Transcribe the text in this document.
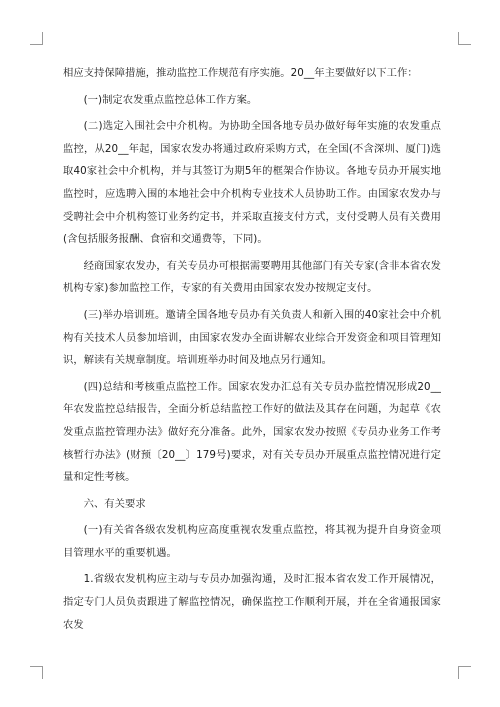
相应支持保障措施，推动监控工作规范有序实施。20__年主要做好以下工作：

(一)制定农发重点监控总体工作方案。

(二)选定入围社会中介机构。为协助全国各地专员办做好每年实施的农发重点监控，从20__年起，国家农发办将通过政府采购方式，在全国(不含深圳、厦门)选取40家社会中介机构，并与其签订为期5年的框架合作协议。各地专员办开展实地监控时，应选聘入围的本地社会中介机构专业技术人员协助工作。由国家农发办与受聘社会中介机构签订业务约定书，并采取直接支付方式，支付受聘人员有关费用(含包括服务报酬、食宿和交通费等，下同)。

经商国家农发办，有关专员办可根据需要聘用其他部门有关专家(含非本省农发机构专家)参加监控工作，专家的有关费用由国家农发办按规定支付。

(三)举办培训班。邀请全国各地专员办有关负责人和新入围的40家社会中介机构有关技术人员参加培训，由国家农发办全面讲解农业综合开发资金和项目管理知识，解读有关规章制度。培训班举办时间及地点另行通知。

(四)总结和考核重点监控工作。国家农发办汇总有关专员办监控情况形成20__年农发监控总结报告，全面分析总结监控工作好的做法及其存在问题，为起草《农发重点监控管理办法》做好充分准备。此外，国家农发办按照《专员办业务工作考核暂行办法》(财预〔20__〕179号)要求，对有关专员办开展重点监控情况进行定量和定性考核。

六、有关要求

(一)有关省各级农发机构应高度重视农发重点监控，将其视为提升自身资金项目管理水平的重要机遇。

1.省级农发机构应主动与专员办加强沟通，及时汇报本省农发工作开展情况，指定专门人员负责跟进了解监控情况，确保监控工作顺利开展，并在全省通报国家农发
